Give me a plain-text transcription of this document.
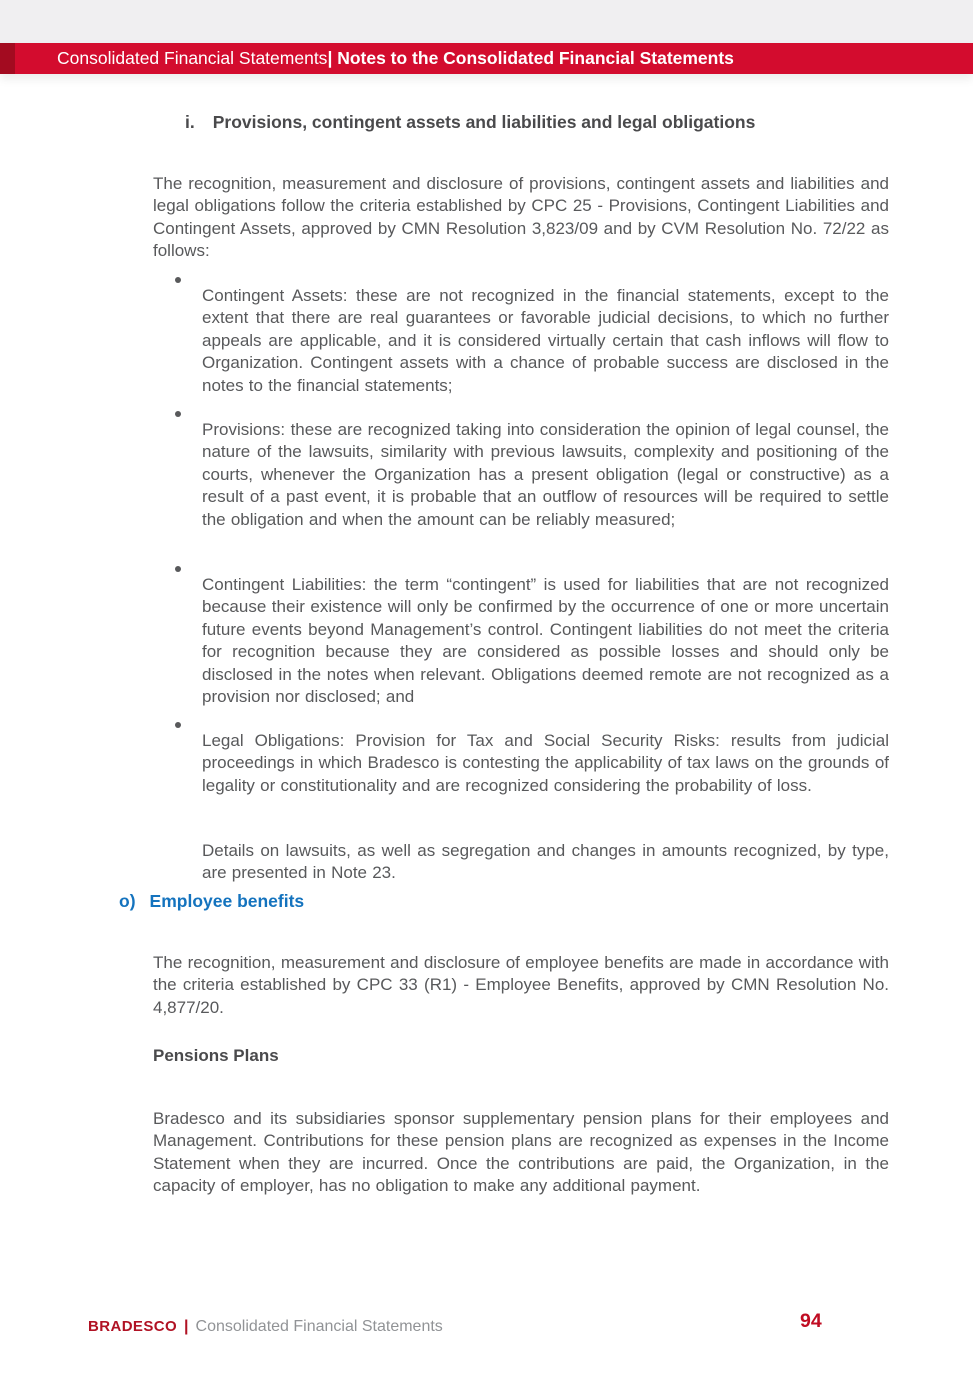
Consolidated Financial Statements | Notes to the Consolidated Financial Statements
i. Provisions, contingent assets and liabilities and legal obligations

The recognition, measurement and disclosure of provisions, contingent assets and liabilities and legal obligations follow the criteria established by CPC 25 - Provisions, Contingent Liabilities and Contingent Assets, approved by CMN Resolution 3,823/09 and by CVM Resolution No. 72/22 as follows:

Contingent Assets: these are not recognized in the financial statements, except to the extent that there are real guarantees or favorable judicial decisions, to which no further appeals are applicable, and it is considered virtually certain that cash inflows will flow to Organization. Contingent assets with a chance of probable success are disclosed in the notes to the financial statements;

Provisions: these are recognized taking into consideration the opinion of legal counsel, the nature of the lawsuits, similarity with previous lawsuits, complexity and positioning of the courts, whenever the Organization has a present obligation (legal or constructive) as a result of a past event, it is probable that an outflow of resources will be required to settle the obligation and when the amount can be reliably measured;

Contingent Liabilities: the term “contingent” is used for liabilities that are not recognized because their existence will only be confirmed by the occurrence of one or more uncertain future events beyond Management’s control. Contingent liabilities do not meet the criteria for recognition because they are considered as possible losses and should only be disclosed in the notes when relevant. Obligations deemed remote are not recognized as a provision nor disclosed; and

Legal Obligations: Provision for Tax and Social Security Risks: results from judicial proceedings in which Bradesco is contesting the applicability of tax laws on the grounds of legality or constitutionality and are recognized considering the probability of loss.

Details on lawsuits, as well as segregation and changes in amounts recognized, by type, are presented in Note 23.

o) Employee benefits

The recognition, measurement and disclosure of employee benefits are made in accordance with the criteria established by CPC 33 (R1) - Employee Benefits, approved by CMN Resolution No. 4,877/20.

Pensions Plans

Bradesco and its subsidiaries sponsor supplementary pension plans for their employees and Management. Contributions for these pension plans are recognized as expenses in the Income Statement when they are incurred. Once the contributions are paid, the Organization, in the capacity of employer, has no obligation to make any additional payment.

BRADESCO | Consolidated Financial Statements	94
